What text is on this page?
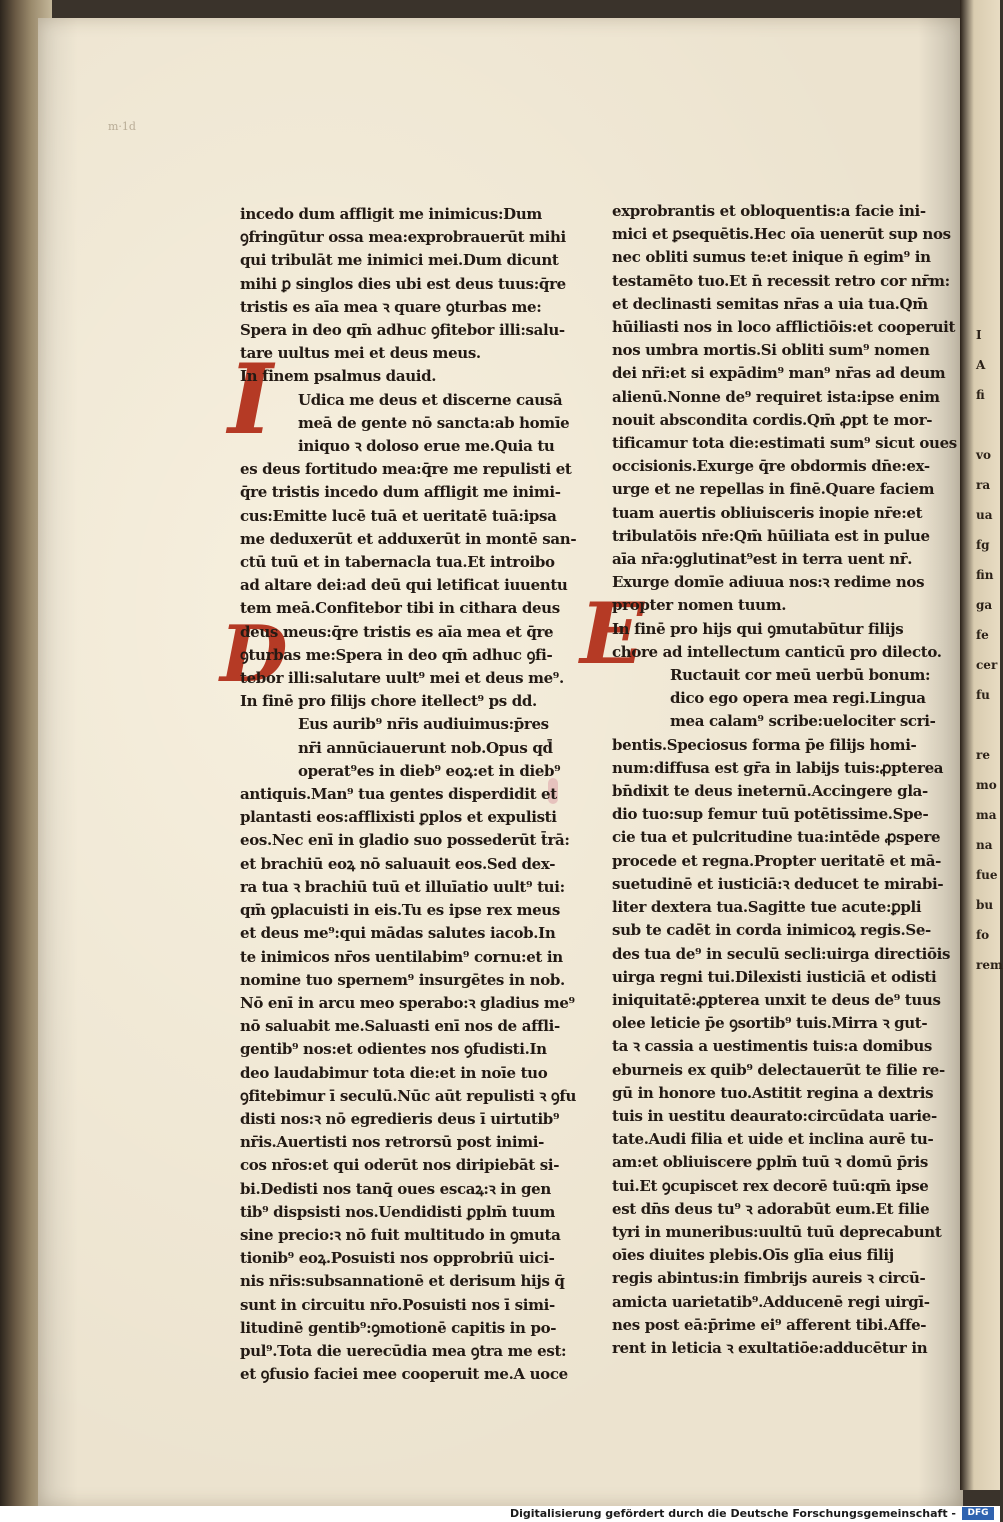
I
A
fi

vo
ra
ua
fg
fin
ga
fe
cer
fu

re
mo
ma
na
fue
bu
fo
rem
m·1d
I
D	E
incedo dum affligit me inimicus:Dum
ꝯfringūtur ossa mea:exprobrauerūt mihi
qui tribulāt me inimici mei.Dum dicunt
mihi ꝑ singlos dies ubi est deus tuus:q̄re
tristis es aīa mea ꝛ quare ꝯturbas me:
Spera in deo qm̄ adhuc ꝯfitebor illi:salu-
tare uultus mei et deus meus.
In finem psalmus dauid.
Udica me deus et discerne causā
meā de gente nō sancta:ab homīe
iniquo ꝛ doloso erue me.Quia tu
es deus fortitudo mea:q̄re me repulisti et
q̄re tristis incedo dum affligit me inimi-
cus:Emitte lucē tuā et ueritatē tuā:ipsa
me deduxerūt et adduxerūt in montē san-
ctū tuū et in tabernacla tua.Et introibo
ad altare dei:ad deū qui letificat iuuentu
tem meā.Confitebor tibi in cithara deus
deus meus:q̄re tristis es aīa mea et q̄re
ꝯturbas me:Spera in deo qm̄ adhuc ꝯfi-
tebor illi:salutare uult⁹ mei et deus me⁹.
In finē pro filijs chore itellect⁹ ps dd.
Eus aurib⁹ nr̄is audiuimus:p̄res
nr̄i annūciauerunt nob.Opus qd̄
operat⁹es in dieb⁹ eoꝝ:et in dieb⁹
antiquis.Man⁹ tua gentes disperdidit et
plantasti eos:afflixisti ꝑplos et expulisti
eos.Nec enī in gladio suo possederūt t̄rā:
et brachiū eoꝝ nō saluauit eos.Sed dex-
ra tua ꝛ brachiū tuū et illuīatio uult⁹ tui:
qm̄ ꝯplacuisti in eis.Tu es ipse rex meus
et deus me⁹:qui mādas salutes iacob.In
te inimicos nr̄os uentilabim⁹ cornu:et in
nomine tuo spernem⁹ insurgētes in nob.
Nō enī in arcu meo sperabo:ꝛ gladius me⁹
nō saluabit me.Saluasti enī nos de affli-
gentib⁹ nos:et odientes nos ꝯfudisti.In
deo laudabimur tota die:et in noīe tuo
ꝯfitebimur ī seculū.Nūc aūt repulisti ꝛ ꝯfu
disti nos:ꝛ nō egredieris deus ī uirtutib⁹
nr̄is.Auertisti nos retrorsū post inimi-
cos nr̄os:et qui oderūt nos diripiebāt si-
bi.Dedisti nos tanq̄ oues escaꝝ:ꝛ in gen
tib⁹ dispsisti nos.Uendidisti ꝑplm̄ tuum
sine precio:ꝛ nō fuit multitudo in ꝯmuta
tionib⁹ eoꝝ.Posuisti nos opprobriū uici-
nis nr̄is:subsannationē et derisum hijs q̄
sunt in circuitu nr̄o.Posuisti nos ī simi-
litudinē gentib⁹:ꝯmotionē capitis in po-
pul⁹.Tota die uerecūdia mea ꝯtra me est:
et ꝯfusio faciei mee cooperuit me.A uoce
exprobrantis et obloquentis:a facie ini-
mici et ꝑsequētis.Hec oīa uenerūt sup nos
nec obliti sumus te:et inique n̄ egim⁹ in
testamēto tuo.Et n̄ recessit retro cor nr̄m:
et declinasti semitas nr̄as a uia tua.Qm̄
hūiliasti nos in loco afflictiōis:et cooperuit
nos umbra mortis.Si obliti sum⁹ nomen
dei nr̄i:et si expādim⁹ man⁹ nr̄as ad deum
alienū.Nonne de⁹ requiret ista:ipse enim
nouit abscondita cordis.Qm̄ ꝓpt te mor-
tificamur tota die:estimati sum⁹ sicut oues
occisionis.Exurge q̄re obdormis dn̄e:ex-
urge et ne repellas in finē.Quare faciem
tuam auertis obliuisceris inopie nr̄e:et
tribulatōis nr̄e:Qm̄ hūiliata est in pulue
aīa nr̄a:ꝯglutinat⁹est in terra uent nr̄.
Exurge domīe adiuua nos:ꝛ redime nos
propter nomen tuum.
In finē pro hijs qui ꝯmutabūtur filijs
chore ad intellectum canticū pro dilecto.
Ructauit cor meū uerbū bonum:
dico ego opera mea regi.Lingua
mea calam⁹ scribe:uelociter scri-
bentis.Speciosus forma p̄e filijs homi-
num:diffusa est gr̄a in labijs tuis:ꝓpterea
bn̄dixit te deus ineternū.Accingere gla-
dio tuo:sup femur tuū potētissime.Spe-
cie tua et pulcritudine tua:intēde ꝓspere
procede et regna.Propter ueritatē et mā-
suetudinē et iusticiā:ꝛ deducet te mirabi-
liter dextera tua.Sagitte tue acute:ꝑpli
sub te cadēt in corda inimicoꝝ regis.Se-
des tua de⁹ in seculū secli:uirga directiōis
uirga regni tui.Dilexisti iusticiā et odisti
iniquitatē:ꝓpterea unxit te deus de⁹ tuus
olee leticie p̄e ꝯsortib⁹ tuis.Mirra ꝛ gut-
ta ꝛ cassia a uestimentis tuis:a domibus
eburneis ex quib⁹ delectauerūt te filie re-
gū in honore tuo.Astitit regina a dextris
tuis in uestitu deaurato:circūdata uarie-
tate.Audi filia et uide et inclina aurē tu-
am:et obliuiscere ꝑplm̄ tuū ꝛ domū p̄ris
tui.Et ꝯcupiscet rex decorē tuū:qm̄ ipse
est dn̄s deus tu⁹ ꝛ adorabūt eum.Et filie
tyri in muneribus:uultū tuū deprecabunt
oīes diuites plebis.Oīs glīa eius filij
regis abintus:in fimbrijs aureis ꝛ circū-
amicta uarietatib⁹.Adducenē regi uirgī-
nes post eā:p̄rime ei⁹ afferent tibi.Affe-
rent in leticia ꝛ exultatiōe:adducētur in
Digitalisierung gefördert durch die Deutsche Forschungsgemeinschaft -	DFG
